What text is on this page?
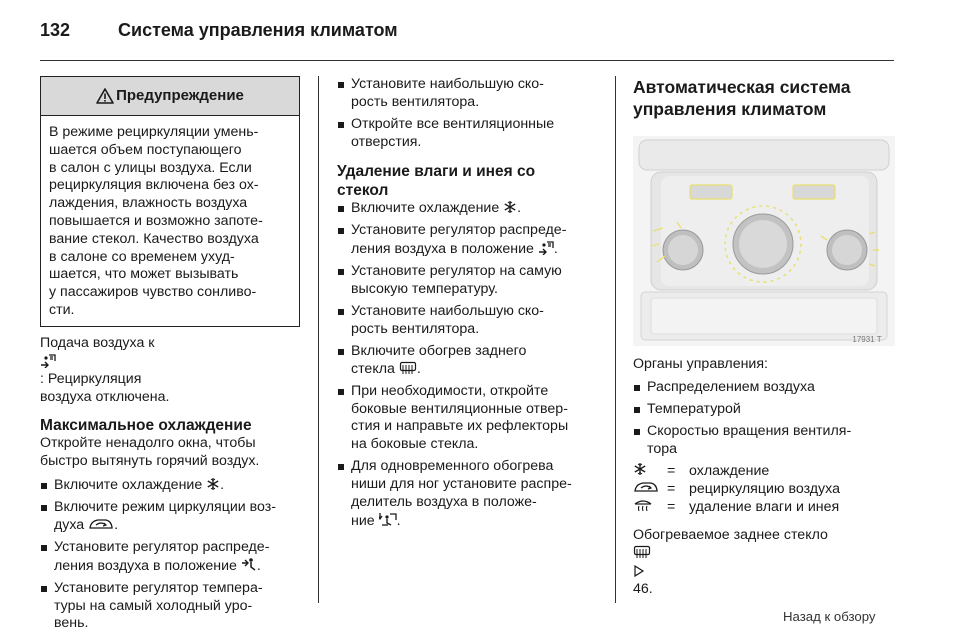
132	Система управления климатом
Предупреждение
В режиме рециркуляции умень-
шается объем поступающего
в салон с улицы воздуха. Если
рециркуляция включена без ох-
лаждения, влажность воздуха
повышается и возможно запоте-
вание стекол. Качество воздуха
в салоне со временем ухуд-
шается, что может вызывать
у пассажиров чувство сонливо-
сти.
Подача воздуха к
: Рециркуляция
воздуха отключена.
Максимальное охлаждение
Откройте ненадолго окна, чтобы
быстро вытянуть горячий воздух.
Включите охлаждение .
Включите режим циркуляции воз-
духа .
Установите регулятор распреде-
ления воздуха в положение .
Установите регулятор темпера-
туры на самый холодный уро-
вень.
Установите наибольшую ско-
рость вентилятора.
Откройте все вентиляционные
отверстия.
Удаление влаги и инея со
стекол
Включите охлаждение .
Установите регулятор распреде-
ления воздуха в положение .
Установите регулятор на самую
высокую температуру.
Установите наибольшую ско-
рость вентилятора.
Включите обогрев заднего
стекла .
При необходимости, откройте
боковые вентиляционные отвер-
стия и направьте их рефлекторы
на боковые стекла.
Для одновременного обогрева
ниши для ног установите распре-
делитель воздуха в положе-
ние .
Автоматическая система
управления климатом
17931 T
Органы управления:
Распределением воздуха
Температурой
Скоростью вращения вентиля-
тора
= охлаждение
= рециркуляцию воздуха
= удаление влаги и инея
Обогреваемое заднее стекло
46.
Назад к обзору
